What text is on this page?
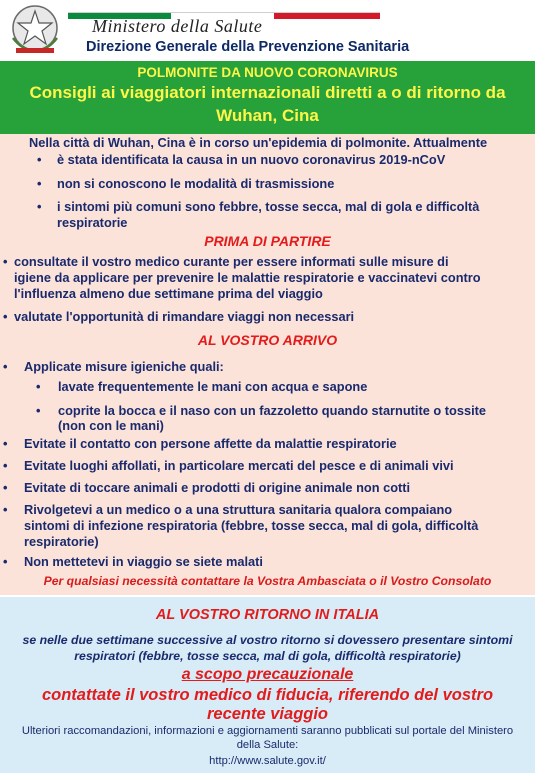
Ministero della Salute
Direzione Generale della Prevenzione Sanitaria
POLMONITE DA NUOVO CORONAVIRUS
Consigli ai viaggiatori internazionali diretti a o di ritorno da
Wuhan, Cina
Nella città di Wuhan, Cina è in corso un'epidemia di polmonite. Attualmente
• è stata identificata la causa in un nuovo coronavirus 2019-nCoV
• non si conoscono le modalità di trasmissione
• i sintomi più comuni sono febbre, tosse secca, mal di gola e difficoltà
respiratorie
PRIMA DI PARTIRE
• consultate il vostro medico curante per essere informati sulle misure di
igiene da applicare per prevenire le malattie respiratorie e vaccinatevi contro
l'influenza almeno due settimane prima del viaggio
• valutate l'opportunità di rimandare viaggi non necessari
AL VOSTRO ARRIVO
• Applicate misure igieniche quali:
• lavate frequentemente le mani con acqua e sapone
• coprite la bocca e il naso con un fazzoletto quando starnutite o tossite
(non con le mani)
• Evitate il contatto con persone affette da malattie respiratorie
• Evitate luoghi affollati, in particolare mercati del pesce e di animali vivi
• Evitate di toccare animali e prodotti di origine animale non cotti
• Rivolgetevi a un medico o a una struttura sanitaria qualora compaiano
sintomi di infezione respiratoria (febbre, tosse secca, mal di gola, difficoltà
respiratorie)
• Non mettetevi in viaggio se siete malati
Per qualsiasi necessità contattare la Vostra Ambasciata o il Vostro Consolato
AL VOSTRO RITORNO IN ITALIA
se nelle due settimane successive al vostro ritorno si dovessero presentare sintomi
respiratori (febbre, tosse secca, mal di gola, difficoltà respiratorie)
a scopo precauzionale
contattate il vostro medico di fiducia, riferendo del vostro
recente viaggio
Ulteriori raccomandazioni, informazioni e aggiornamenti saranno pubblicati sul portale del Ministero
della Salute:
http://www.salute.gov.it/
